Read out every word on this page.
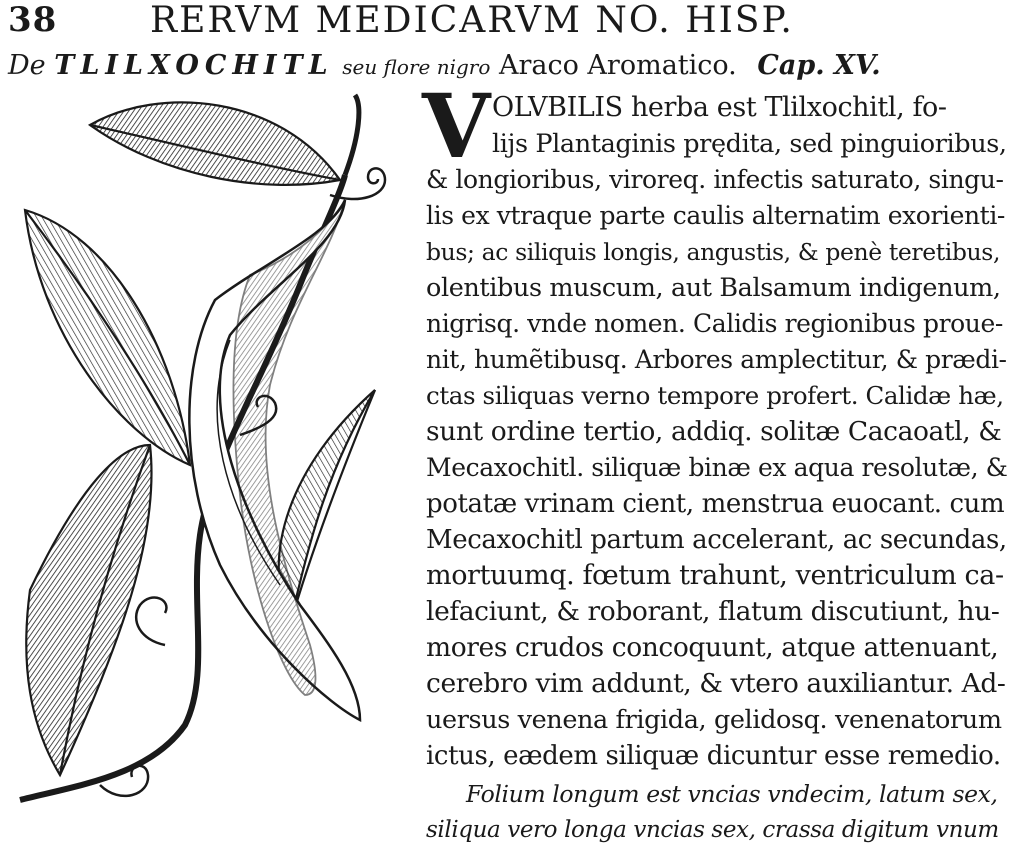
38	RERVM MEDICARVM NO. HISP.
De TLILXOCHITL seu flore nigro Araco Aromatico. Cap. XV.
V OLVBILIS herba est Tlilxochitl, fo-
lijs Plantaginis prędita, sed pinguioribus,
& longioribus, viroreq. infectis saturato, singu-
lis ex vtraque parte caulis alternatim exorienti-
bus; ac siliquis longis, angustis, & penè teretibus,
olentibus muscum, aut Balsamum indigenum,
nigrisq. vnde nomen. Calidis regionibus proue-
nit, humẽtibusq. Arbores amplectitur, & prædi-
ctas siliquas verno tempore profert. Calidæ hæ,
sunt ordine tertio, addiq. solitæ Cacaoatl, &
Mecaxochitl. siliquæ binæ ex aqua resolutæ, &
potatæ vrinam cient, menstrua euocant. cum
Mecaxochitl partum accelerant, ac secundas,
mortuumq. fœtum trahunt, ventriculum ca-
lefaciunt, & roborant, flatum discutiunt, hu-
mores crudos concoquunt, atque attenuant,
cerebro vim addunt, & vtero auxiliantur. Ad-
uersus venena frigida, gelidosq. venenatorum
ictus, eædem siliquæ dicuntur esse remedio.
Folium longum est vncias vndecim, latum sex,
siliqua vero longa vncias sex, crassa digitum vnum
